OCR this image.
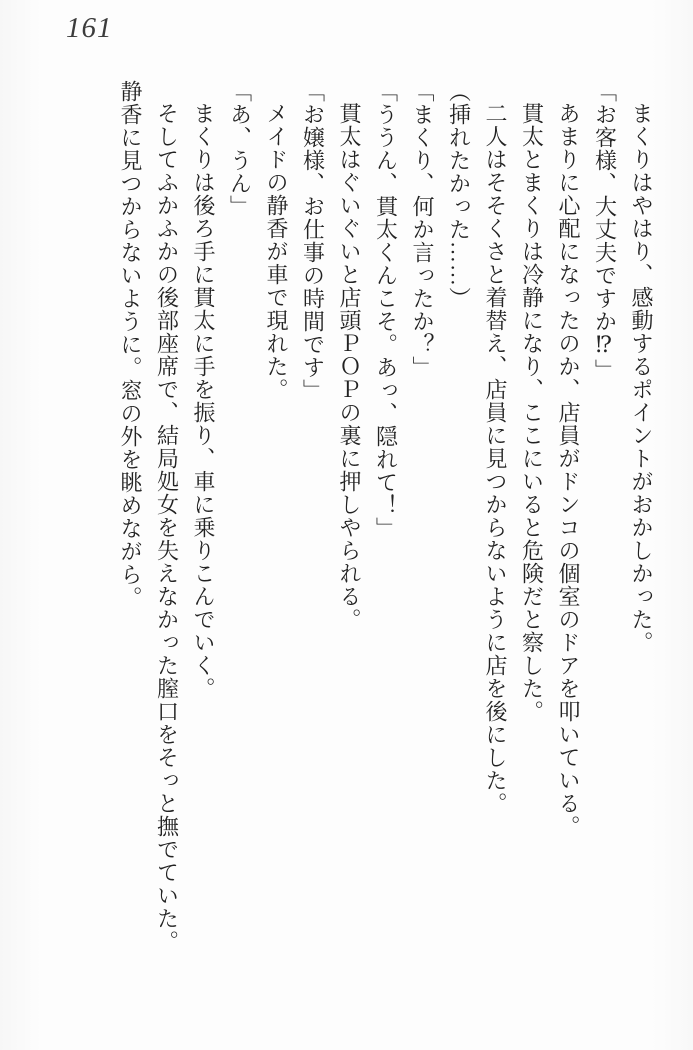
161

まくりはやはり、感動するポイントがおかしかった。

「お客様、大丈夫ですか⁉」

あまりに心配になったのか、店員がドンコの個室のドアを叩いている。

貫太とまくりは冷静になり、ここにいると危険だと察した。

二人はそそくさと着替え、店員に見つからないように店を後にした。

（挿れたかった……）

「まくり、何か言ったか？」

「ううん、貫太くんこそ。あっ、隠れて！」

貫太はぐいぐいと店頭ＰＯＰの裏に押しやられる。

「お嬢様、お仕事の時間です」

メイドの静香が車で現れた。

「あ、うん」

まくりは後ろ手に貫太に手を振り、車に乗りこんでいく。

そしてふかふかの後部座席で、結局処女を失えなかった膣口をそっと撫でていた。

静香に見つからないように。窓の外を眺めながら。
